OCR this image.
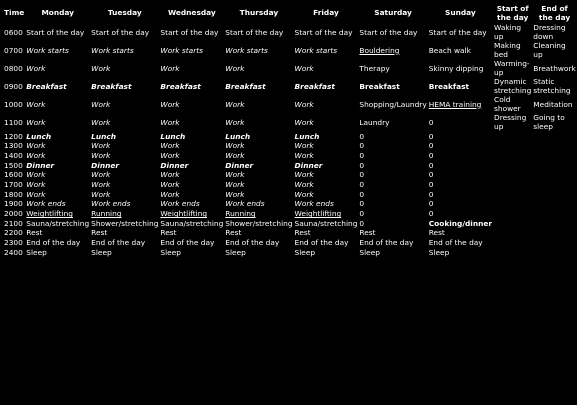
Time	Monday	Tuesday	Wednesday	Thursday	Friday	Saturday	Sunday	Start of the day	End of the day
0600	Start of the day	Start of the day	Start of the day	Start of the day	Start of the day	Start of the day	Start of the day	Waking up	Dressing down
0700	Work starts	Work starts	Work starts	Work starts	Work starts	Bouldering	Beach walk	Making bed	Cleaning up
0800	Work	Work	Work	Work	Work	Therapy	Skinny dipping	Warming-up	Breathwork
0900	Breakfast	Breakfast	Breakfast	Breakfast	Breakfast	Breakfast	Breakfast	Dynamic stretching	Static stretching
1000	Work	Work	Work	Work	Work	Shopping/Laundry	HEMA training	Cold shower	Meditation
1100	Work	Work	Work	Work	Work	Laundry	0	Dressing up	Going to sleep
1200	Lunch	Lunch	Lunch	Lunch	Lunch	0	0		
1300	Work	Work	Work	Work	Work	0	0		
1400	Work	Work	Work	Work	Work	0	0		
1500	Dinner	Dinner	Dinner	Dinner	Dinner	0	0		
1600	Work	Work	Work	Work	Work	0	0		
1700	Work	Work	Work	Work	Work	0	0		
1800	Work	Work	Work	Work	Work	0	0		
1900	Work ends	Work ends	Work ends	Work ends	Work ends	0	0		
2000	Weightlifting	Running	Weightlifting	Running	Weightlifting	0	0		
2100	Sauna/stretching	Shower/stretching	Sauna/stretching	Shower/stretching	Sauna/stretching	0	Cooking/dinner		
2200	Rest	Rest	Rest	Rest	Rest	Rest	Rest		
2300	End of the day	End of the day	End of the day	End of the day	End of the day	End of the day	End of the day		
2400	Sleep	Sleep	Sleep	Sleep	Sleep	Sleep	Sleep		
